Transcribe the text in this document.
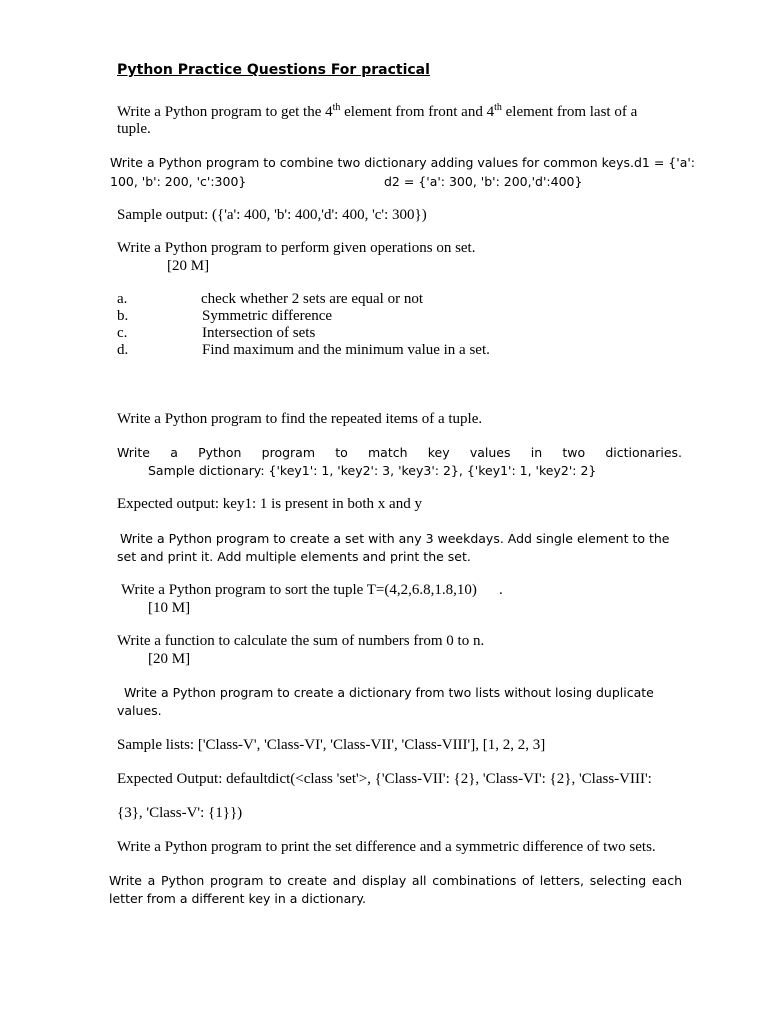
Python Practice Questions For practical
Write a Python program to get the 4th element from front and 4th element from last of a
tuple.
Write a Python program to combine two dictionary adding values for common keys.d1 = {'a':
100, 'b': 200, 'c':300}	d2 = {'a': 300, 'b': 200,'d':400}
Sample output: ({'a': 400, 'b': 400,'d': 400, 'c': 300})
Write a Python program to perform given operations on set.
[20 M]
a.	check whether 2 sets are equal or not
b.	Symmetric difference
c.	Intersection of sets
d.	Find maximum and the minimum value in a set.
Write a Python program to find the repeated items of a tuple.
Write a Python program to match key values in two dictionaries.
Sample dictionary: {'key1': 1, 'key2': 3, 'key3': 2}, {'key1': 1, 'key2': 2}
Expected output: key1: 1 is present in both x and y
Write a Python program to create a set with any 3 weekdays. Add single element to the
set and print it. Add multiple elements and print the set.
Write a Python program to sort the tuple T=(4,2,6.8,1.8,10) .
[10 M]
Write a function to calculate the sum of numbers from 0 to n.
[20 M]
Write a Python program to create a dictionary from two lists without losing duplicate
values.
Sample lists: ['Class-V', 'Class-VI', 'Class-VII', 'Class-VIII'], [1, 2, 2, 3]
Expected Output: defaultdict(<class 'set'>, {'Class-VII': {2}, 'Class-VI': {2}, 'Class-VIII':
{3}, 'Class-V': {1}})
Write a Python program to print the set difference and a symmetric difference of two sets.
Write a Python program to create and display all combinations of letters, selecting each
letter from a different key in a dictionary.
